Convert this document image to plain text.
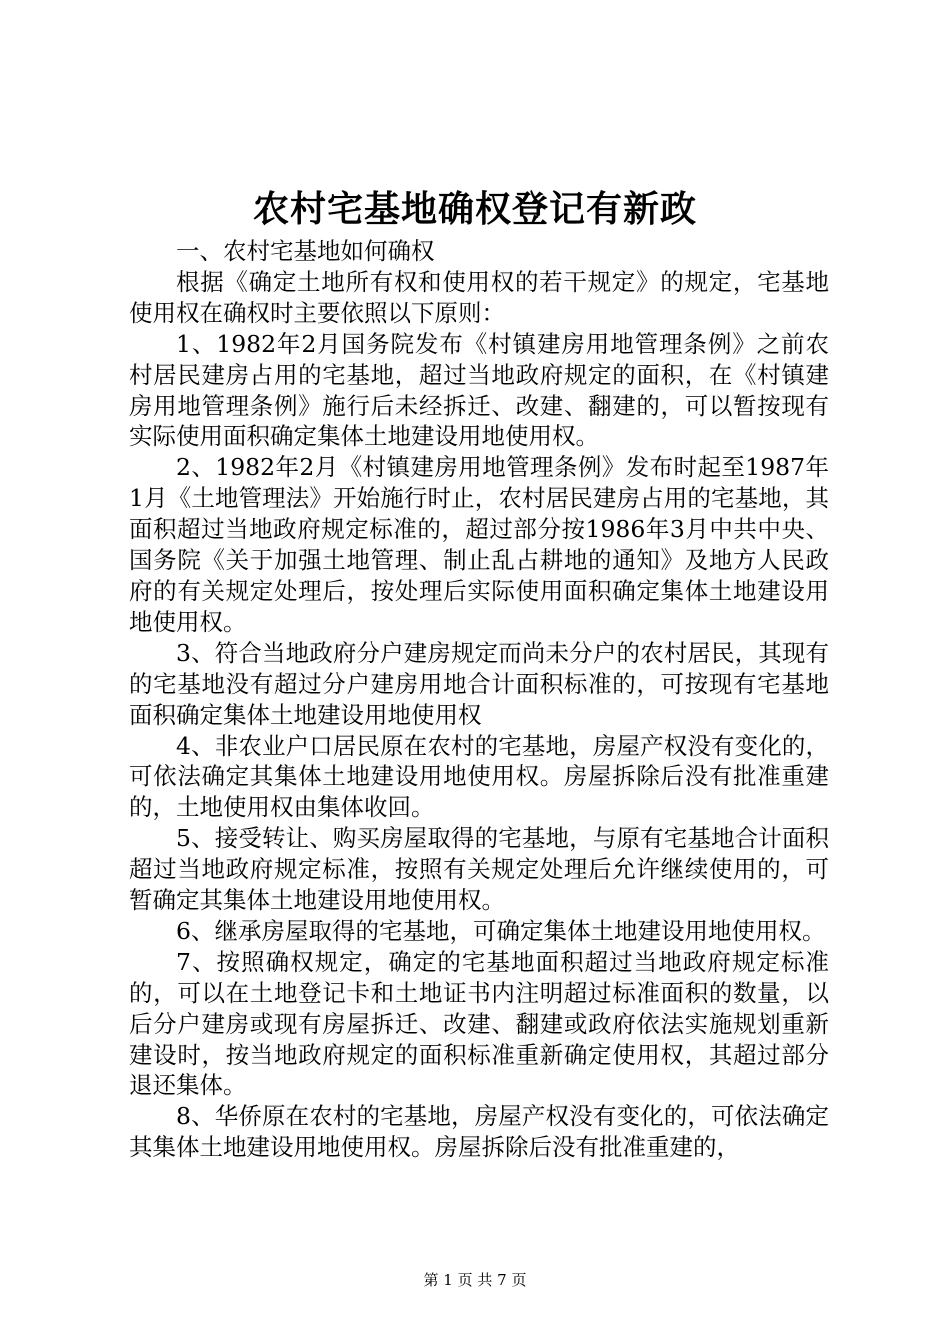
农村宅基地确权登记有新政

一、农村宅基地如何确权

根据《确定土地所有权和使用权的若干规定》的规定，宅基地使用权在确权时主要依照以下原则：

1、1982年2月国务院发布《村镇建房用地管理条例》之前农村居民建房占用的宅基地，超过当地政府规定的面积，在《村镇建房用地管理条例》施行后未经拆迁、改建、翻建的，可以暂按现有实际使用面积确定集体土地建设用地使用权。

2、1982年2月《村镇建房用地管理条例》发布时起至1987年1月《土地管理法》开始施行时止，农村居民建房占用的宅基地，其面积超过当地政府规定标准的，超过部分按1986年3月中共中央、国务院《关于加强土地管理、制止乱占耕地的通知》及地方人民政府的有关规定处理后，按处理后实际使用面积确定集体土地建设用地使用权。

3、符合当地政府分户建房规定而尚未分户的农村居民，其现有的宅基地没有超过分户建房用地合计面积标准的，可按现有宅基地面积确定集体土地建设用地使用权

4、非农业户口居民原在农村的宅基地，房屋产权没有变化的，可依法确定其集体土地建设用地使用权。房屋拆除后没有批准重建的，土地使用权由集体收回。

5、接受转让、购买房屋取得的宅基地，与原有宅基地合计面积超过当地政府规定标准，按照有关规定处理后允许继续使用的，可暂确定其集体土地建设用地使用权。

6、继承房屋取得的宅基地，可确定集体土地建设用地使用权。

7、按照确权规定，确定的宅基地面积超过当地政府规定标准的，可以在土地登记卡和土地证书内注明超过标准面积的数量，以后分户建房或现有房屋拆迁、改建、翻建或政府依法实施规划重新建设时，按当地政府规定的面积标准重新确定使用权，其超过部分退还集体。

8、华侨原在农村的宅基地，房屋产权没有变化的，可依法确定其集体土地建设用地使用权。房屋拆除后没有批准重建的，

第 1 页 共 7 页
